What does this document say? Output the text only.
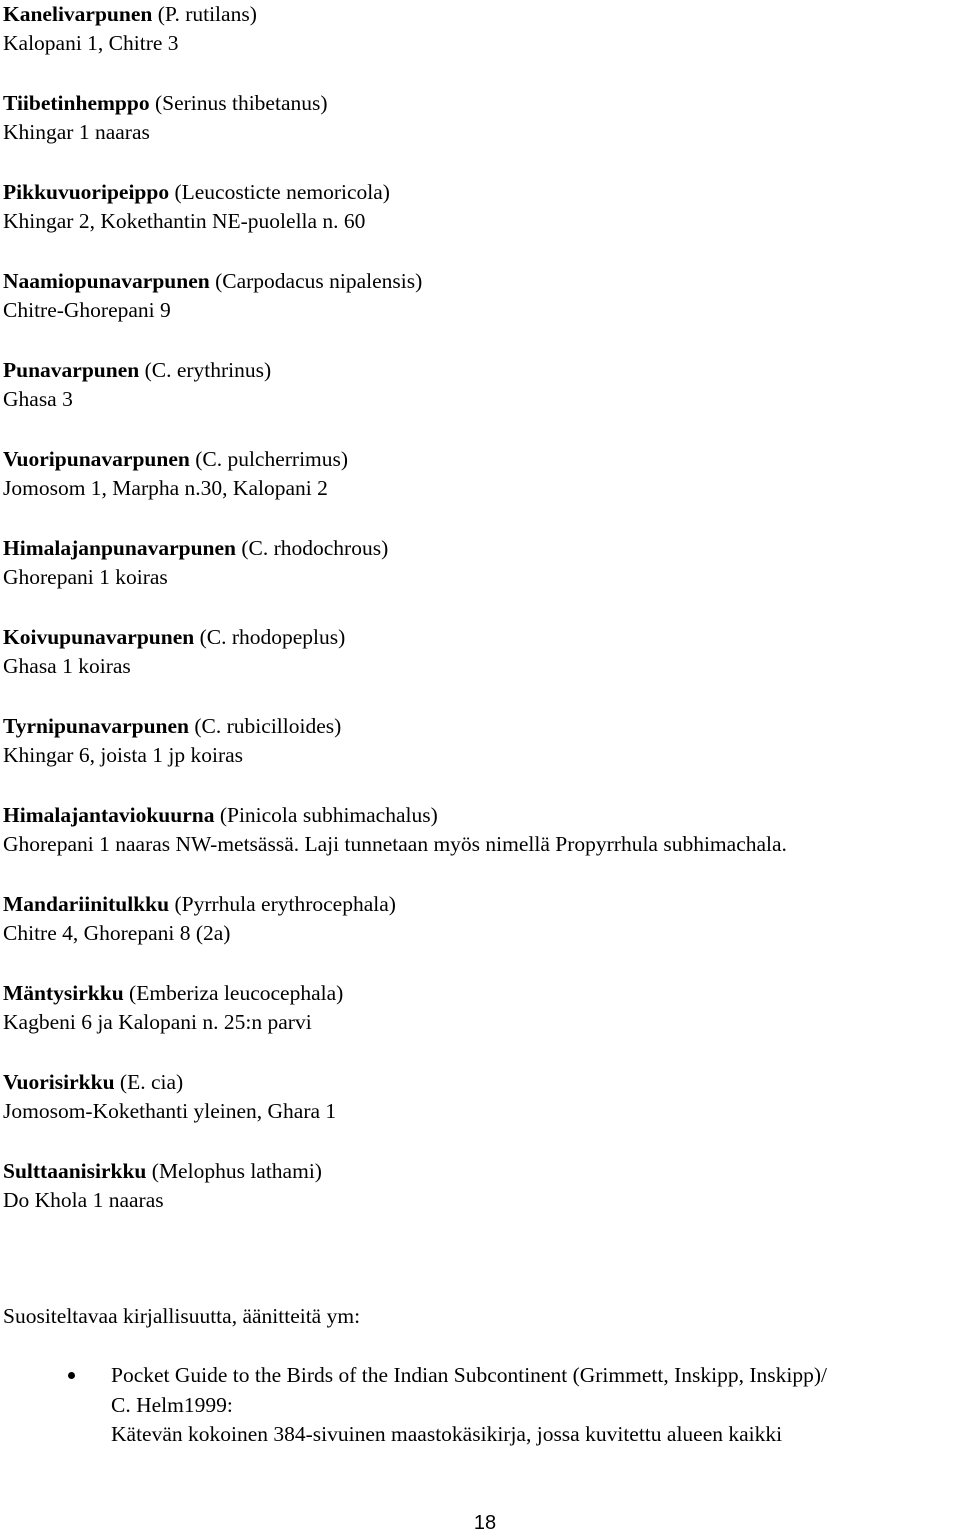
Kanelivarpunen (P. rutilans)
Kalopani 1, Chitre 3
Tiibetinhemppo (Serinus thibetanus)
Khingar 1 naaras
Pikkuvuoripeippo (Leucosticte nemoricola)
Khingar 2, Kokethantin NE-puolella n. 60
Naamiopunavarpunen (Carpodacus nipalensis)
Chitre-Ghorepani 9
Punavarpunen (C. erythrinus)
Ghasa 3
Vuoripunavarpunen (C. pulcherrimus)
Jomosom 1, Marpha n.30, Kalopani 2
Himalajanpunavarpunen (C. rhodochrous)
Ghorepani 1 koiras
Koivupunavarpunen (C. rhodopeplus)
Ghasa 1 koiras
Tyrnipunavarpunen (C. rubicilloides)
Khingar 6, joista 1 jp koiras
Himalajantaviokuurna (Pinicola subhimachalus)
Ghorepani 1 naaras NW-metsässä. Laji tunnetaan myös nimellä Propyrrhula subhimachala.
Mandariinitulkku (Pyrrhula erythrocephala)
Chitre 4, Ghorepani 8 (2a)
Mäntysirkku (Emberiza leucocephala)
Kagbeni 6 ja Kalopani n. 25:n parvi
Vuorisirkku (E. cia)
Jomosom-Kokethanti yleinen, Ghara 1
Sulttaanisirkku (Melophus lathami)
Do Khola 1 naaras
Suositeltavaa kirjallisuutta, äänitteitä ym:
Pocket Guide to the Birds of the Indian Subcontinent (Grimmett, Inskipp, Inskipp)/
C. Helm1999:
Kätevän kokoinen 384-sivuinen maastokäsikirja, jossa kuvitettu alueen kaikki
18
